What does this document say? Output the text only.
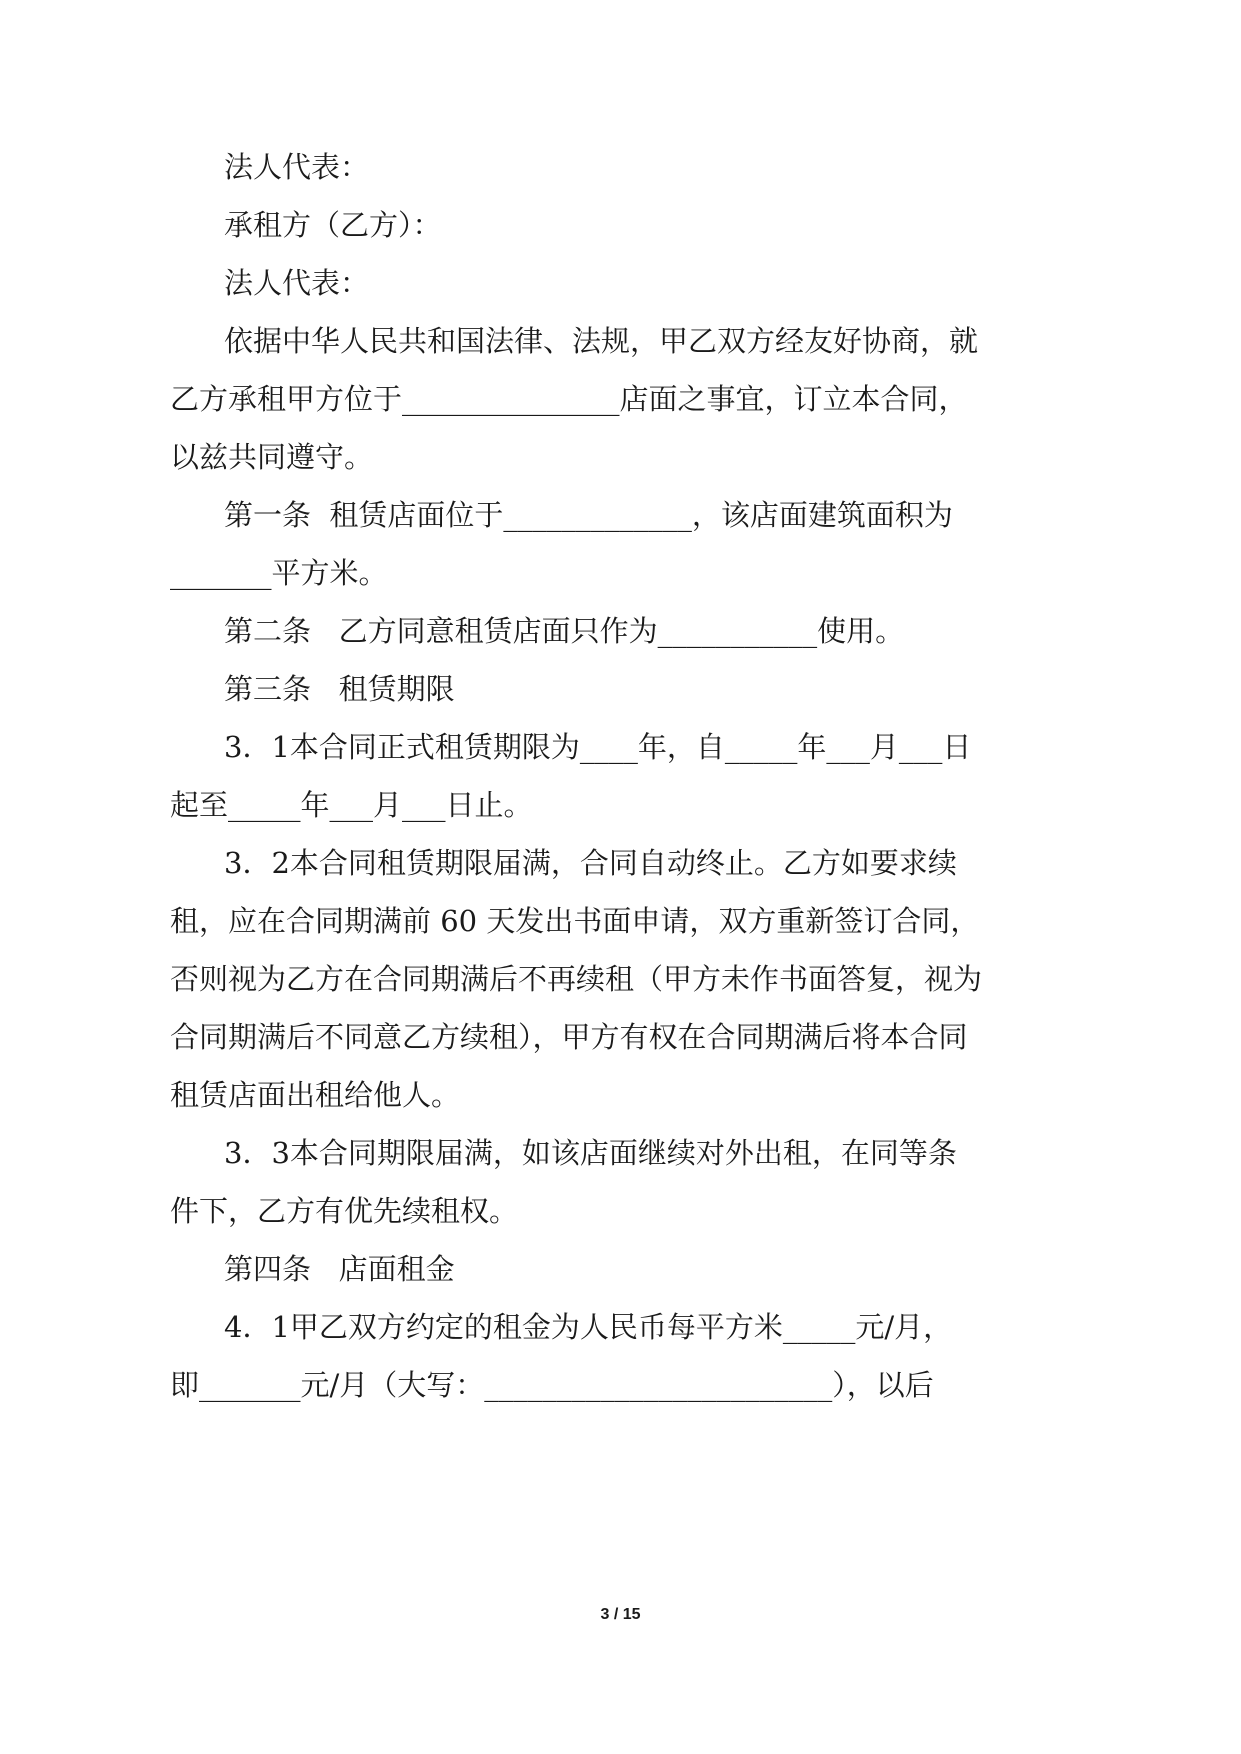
法人代表：
承租方（乙方）：
法人代表：
依据中华人民共和国法律、法规，甲乙双方经友好协商，就
乙方承租甲方位于_______________店面之事宜，订立本合同，
以兹共同遵守。
第一条  租赁店面位于_____________，该店面建筑面积为
_______平方米。
第二条   乙方同意租赁店面只作为___________使用。
第三条   租赁期限
3．1本合同正式租赁期限为____年，自_____年___月___日
起至_____年___月___日止。
3．2本合同租赁期限届满，合同自动终止。乙方如要求续
租，应在合同期满前 60 天发出书面申请，双方重新签订合同，
否则视为乙方在合同期满后不再续租（甲方未作书面答复，视为
合同期满后不同意乙方续租），甲方有权在合同期满后将本合同
租赁店面出租给他人。
3．3本合同期限届满，如该店面继续对外出租，在同等条
件下，乙方有优先续租权。
第四条   店面租金
4．1甲乙双方约定的租金为人民币每平方米_____元/月，
即_______元/月（大写：________________________），以后
3 / 15
